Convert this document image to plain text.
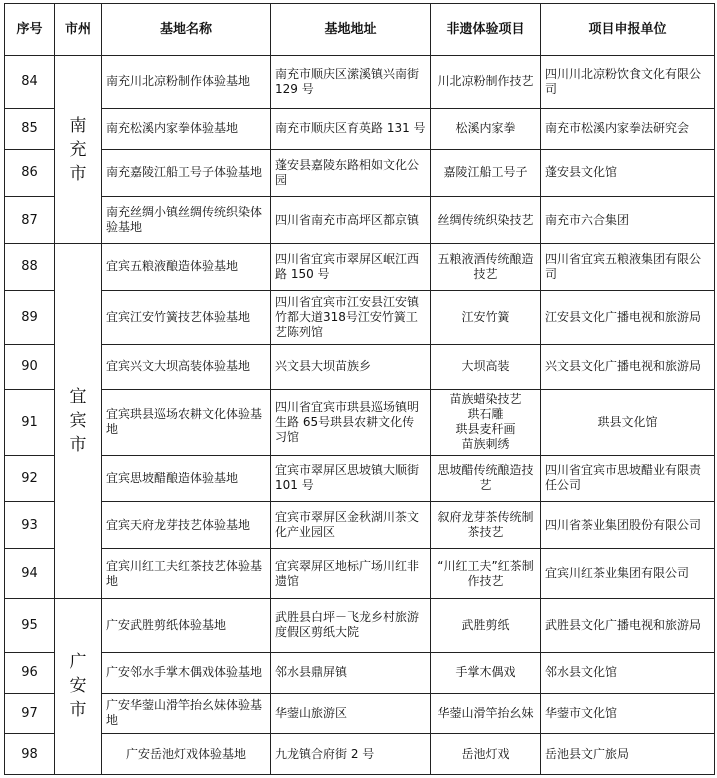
序号	市州	基地名称	基地地址	非遗体验项目	项目申报单位
84	南充市	南充川北凉粉制作体验基地	南充市顺庆区潆溪镇兴南街 129 号	川北凉粉制作技艺	四川川北凉粉饮食文化有限公司
85		南充松溪内家拳体验基地	南充市顺庆区育英路 131 号	松溪内家拳	南充市松溪内家拳法研究会
86		南充嘉陵江船工号子体验基地	蓬安县嘉陵东路相如文化公园	嘉陵江船工号子	蓬安县文化馆
87		南充丝绸小镇丝绸传统织染体验基地	四川省南充市高坪区都京镇	丝绸传统织染技艺	南充市六合集团
88	宜宾市	宜宾五粮液酿造体验基地	四川省宜宾市翠屏区岷江西路 150 号	五粮液酒传统酿造技艺	四川省宜宾五粮液集团有限公司
89		宜宾江安竹簧技艺体验基地	四川省宜宾市江安县江安镇竹都大道318号江安竹簧工艺陈列馆	江安竹簧	江安县文化广播电视和旅游局
90		宜宾兴文大坝高装体验基地	兴文县大坝苗族乡	大坝高装	兴文县文化广播电视和旅游局
91		宜宾珙县巡场农耕文化体验基地	四川省宜宾市珙县巡场镇明生路 65号珙县农耕文化传习馆	苗族蜡染技艺
珙石雕
珙县麦秆画
苗族刺绣	珙县文化馆
92		宜宾思坡醋酿造体验基地	宜宾市翠屏区思坡镇大顺街 101 号	思坡醋传统酿造技艺	四川省宜宾市思坡醋业有限责任公司
93		宜宾天府龙芽技艺体验基地	宜宾市翠屏区金秋湖川茶文化产业园区	叙府龙芽茶传统制茶技艺	四川省茶业集团股份有限公司
94		宜宾川红工夫红茶技艺体验基地	宜宾翠屏区地标广场川红非遗馆	“川红工夫”红茶制作技艺	宜宾川红茶业集团有限公司
95	广安市	广安武胜剪纸体验基地	武胜县白坪－飞龙乡村旅游度假区剪纸大院	武胜剪纸	武胜县文化广播电视和旅游局
96		广安邻水手掌木偶戏体验基地	邻水县鼎屏镇	手掌木偶戏	邻水县文化馆
97		广安华蓥山滑竿抬幺妹体验基地	华蓥山旅游区	华蓥山滑竿抬幺妹	华蓥市文化馆
98		广安岳池灯戏体验基地	九龙镇合府街 2 号	岳池灯戏	岳池县文广旅局
